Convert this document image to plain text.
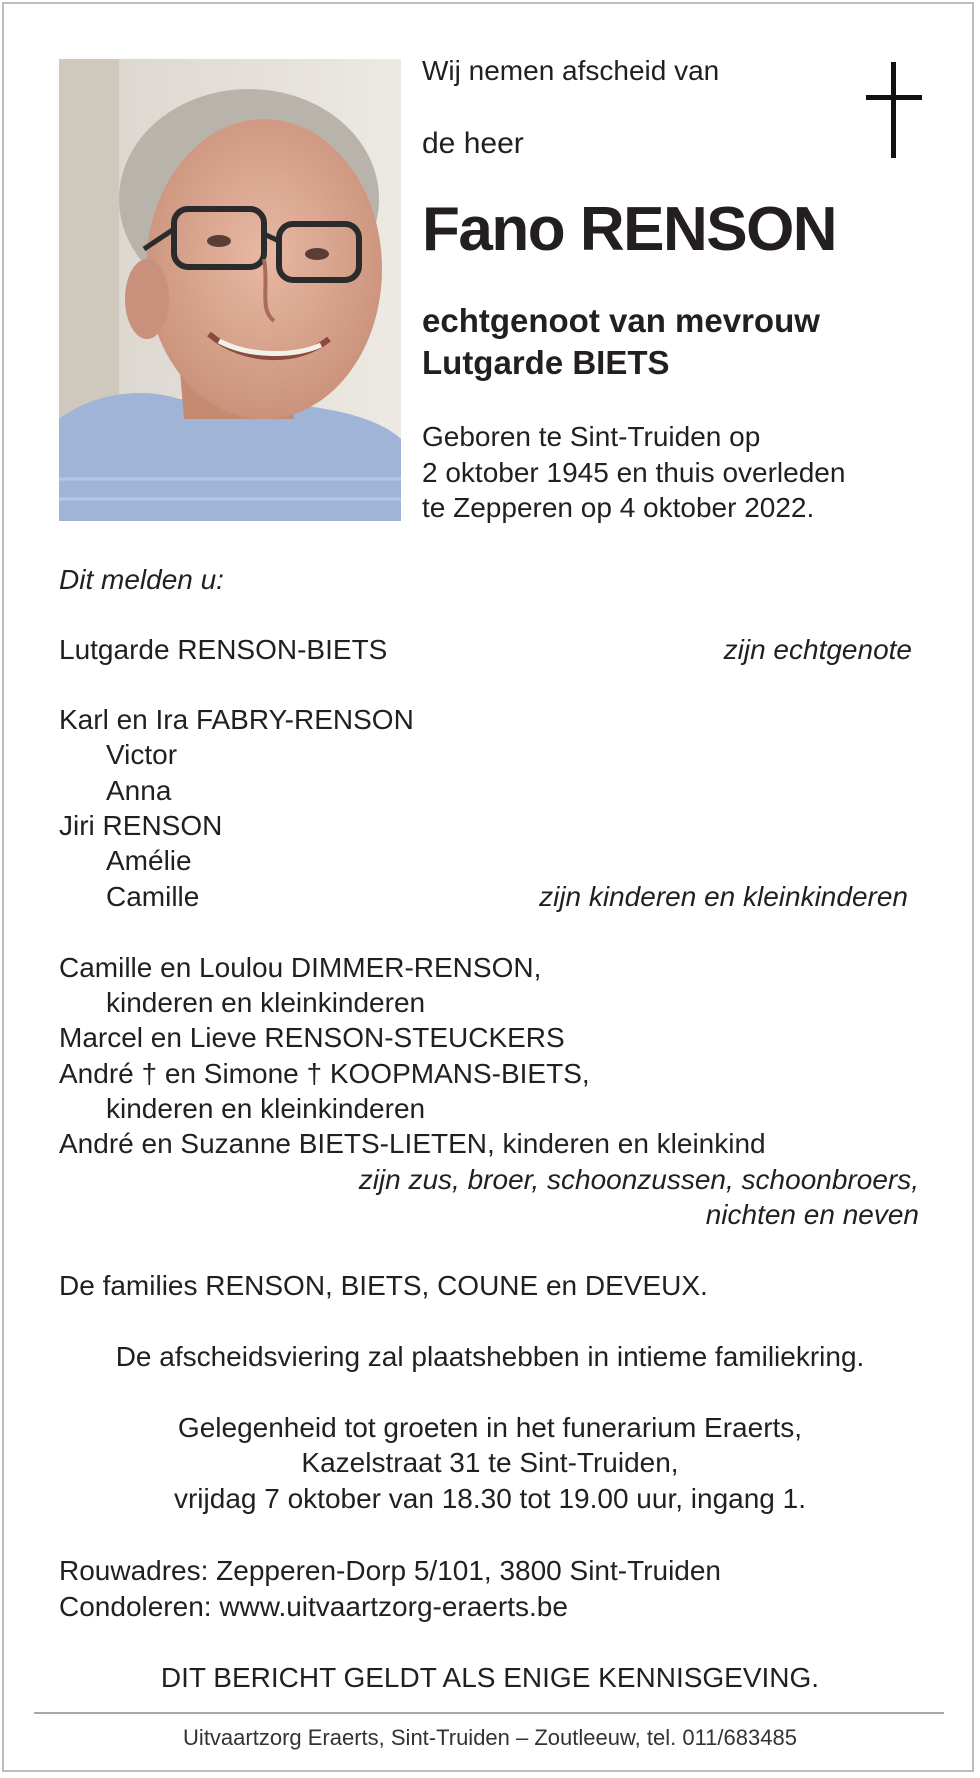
Wij nemen afscheid van
de heer
Fano RENSON
echtgenoot van mevrouw
Lutgarde BIETS
Geboren te Sint-Truiden op
2 oktober 1945 en thuis overleden
te Zepperen op 4 oktober 2022.
Dit melden u:
Lutgarde RENSON-BIETS	zijn echtgenote
Karl en Ira FABRY-RENSON
Victor
Anna
Jiri RENSON
Amélie
Camille	zijn kinderen en kleinkinderen
Camille en Loulou DIMMER-RENSON,
kinderen en kleinkinderen
Marcel en Lieve RENSON-STEUCKERS
André † en Simone † KOOPMANS-BIETS,
kinderen en kleinkinderen
André en Suzanne BIETS-LIETEN, kinderen en kleinkind
zijn zus, broer, schoonzussen, schoonbroers,
nichten en neven
De families RENSON, BIETS, COUNE en DEVEUX.
De afscheidsviering zal plaatshebben in intieme familiekring.
Gelegenheid tot groeten in het funerarium Eraerts,
Kazelstraat 31 te Sint-Truiden,
vrijdag 7 oktober van 18.30 tot 19.00 uur, ingang 1.
Rouwadres: Zepperen-Dorp 5/101, 3800 Sint-Truiden
Condoleren: www.uitvaartzorg-eraerts.be
DIT BERICHT GELDT ALS ENIGE KENNISGEVING.
Uitvaartzorg Eraerts, Sint-Truiden – Zoutleeuw, tel. 011/683485
